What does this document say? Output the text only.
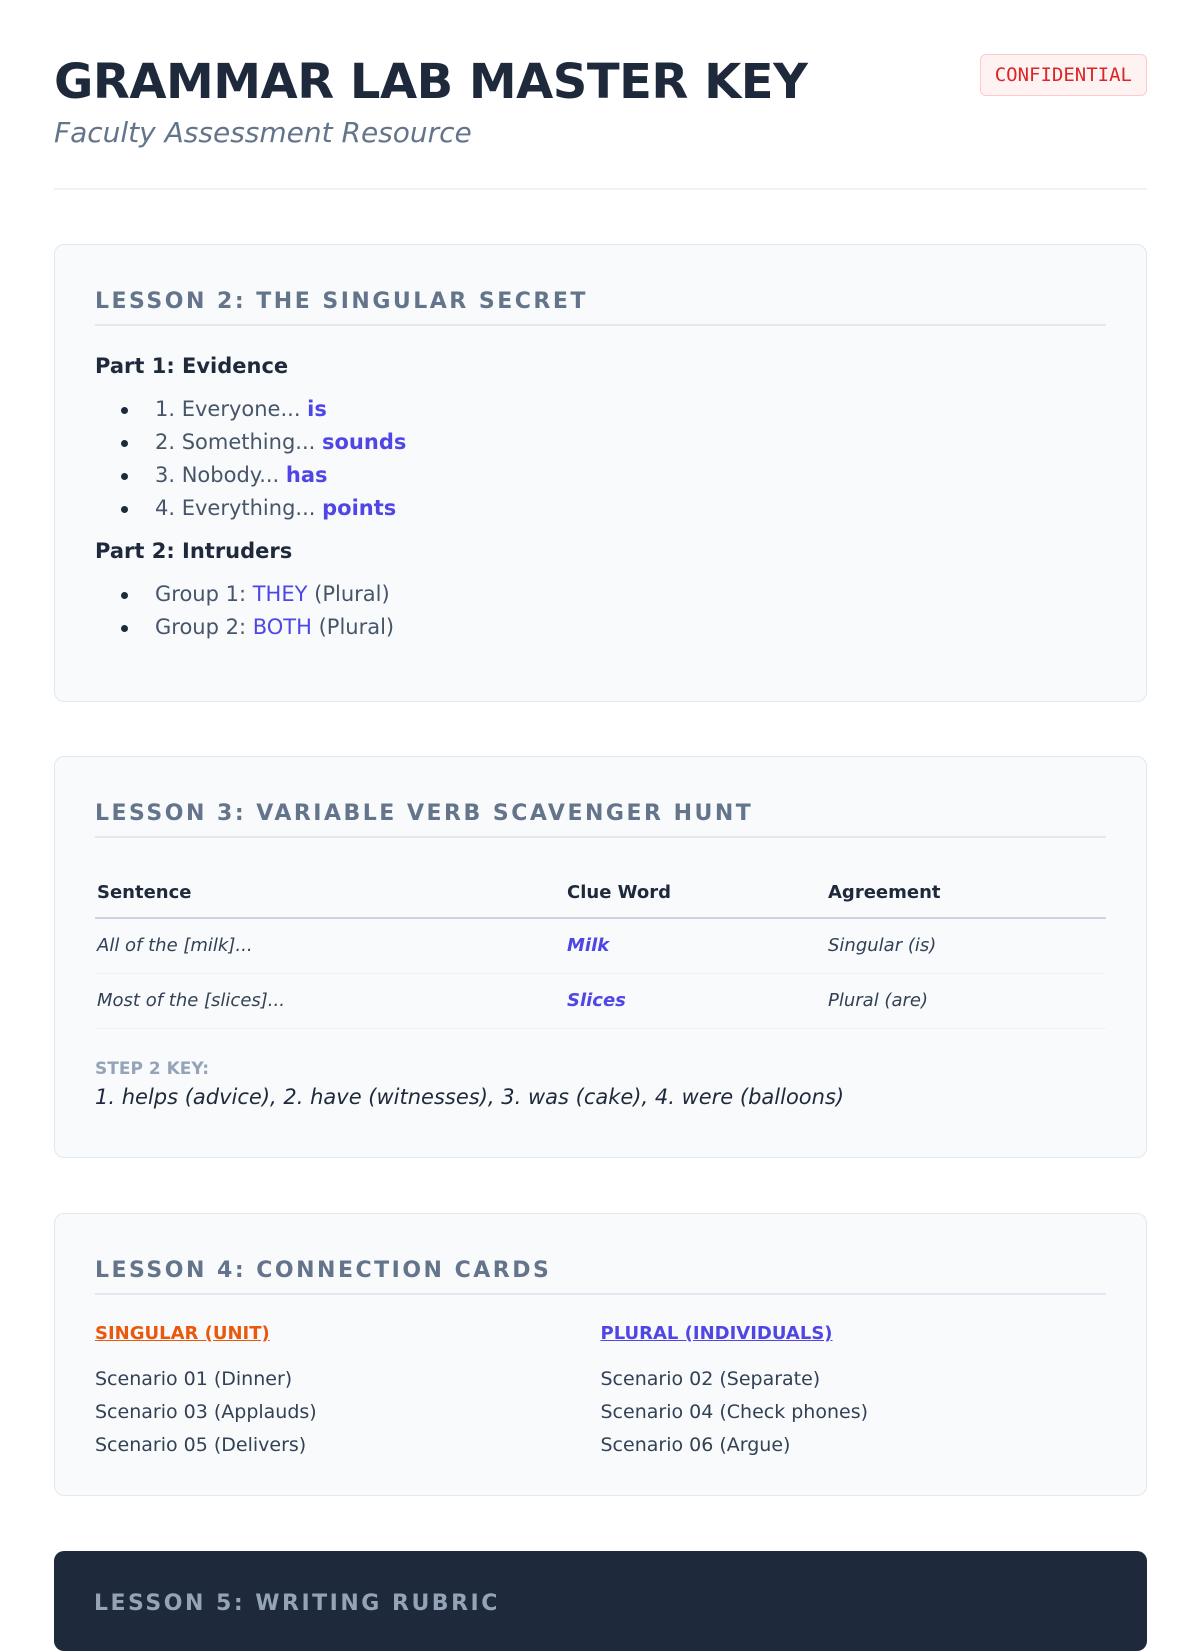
GRAMMAR LAB MASTER KEY
Faculty Assessment Resource
CONFIDENTIAL
LESSON 2: THE SINGULAR SECRET
Part 1: Evidence
1. Everyone... is
2. Something... sounds
3. Nobody... has
4. Everything... points
Part 2: Intruders
Group 1: THEY (Plural)
Group 2: BOTH (Plural)
LESSON 3: VARIABLE VERB SCAVENGER HUNT
Sentence	Clue Word	Agreement
All of the [milk]...	Milk	Singular (is)
Most of the [slices]...	Slices	Plural (are)
STEP 2 KEY:
1. helps (advice), 2. have (witnesses), 3. was (cake), 4. were (balloons)
LESSON 4: CONNECTION CARDS
SINGULAR (UNIT)
Scenario 01 (Dinner)
Scenario 03 (Applauds)
Scenario 05 (Delivers)
PLURAL (INDIVIDUALS)
Scenario 02 (Separate)
Scenario 04 (Check phones)
Scenario 06 (Argue)
LESSON 5: WRITING RUBRIC
